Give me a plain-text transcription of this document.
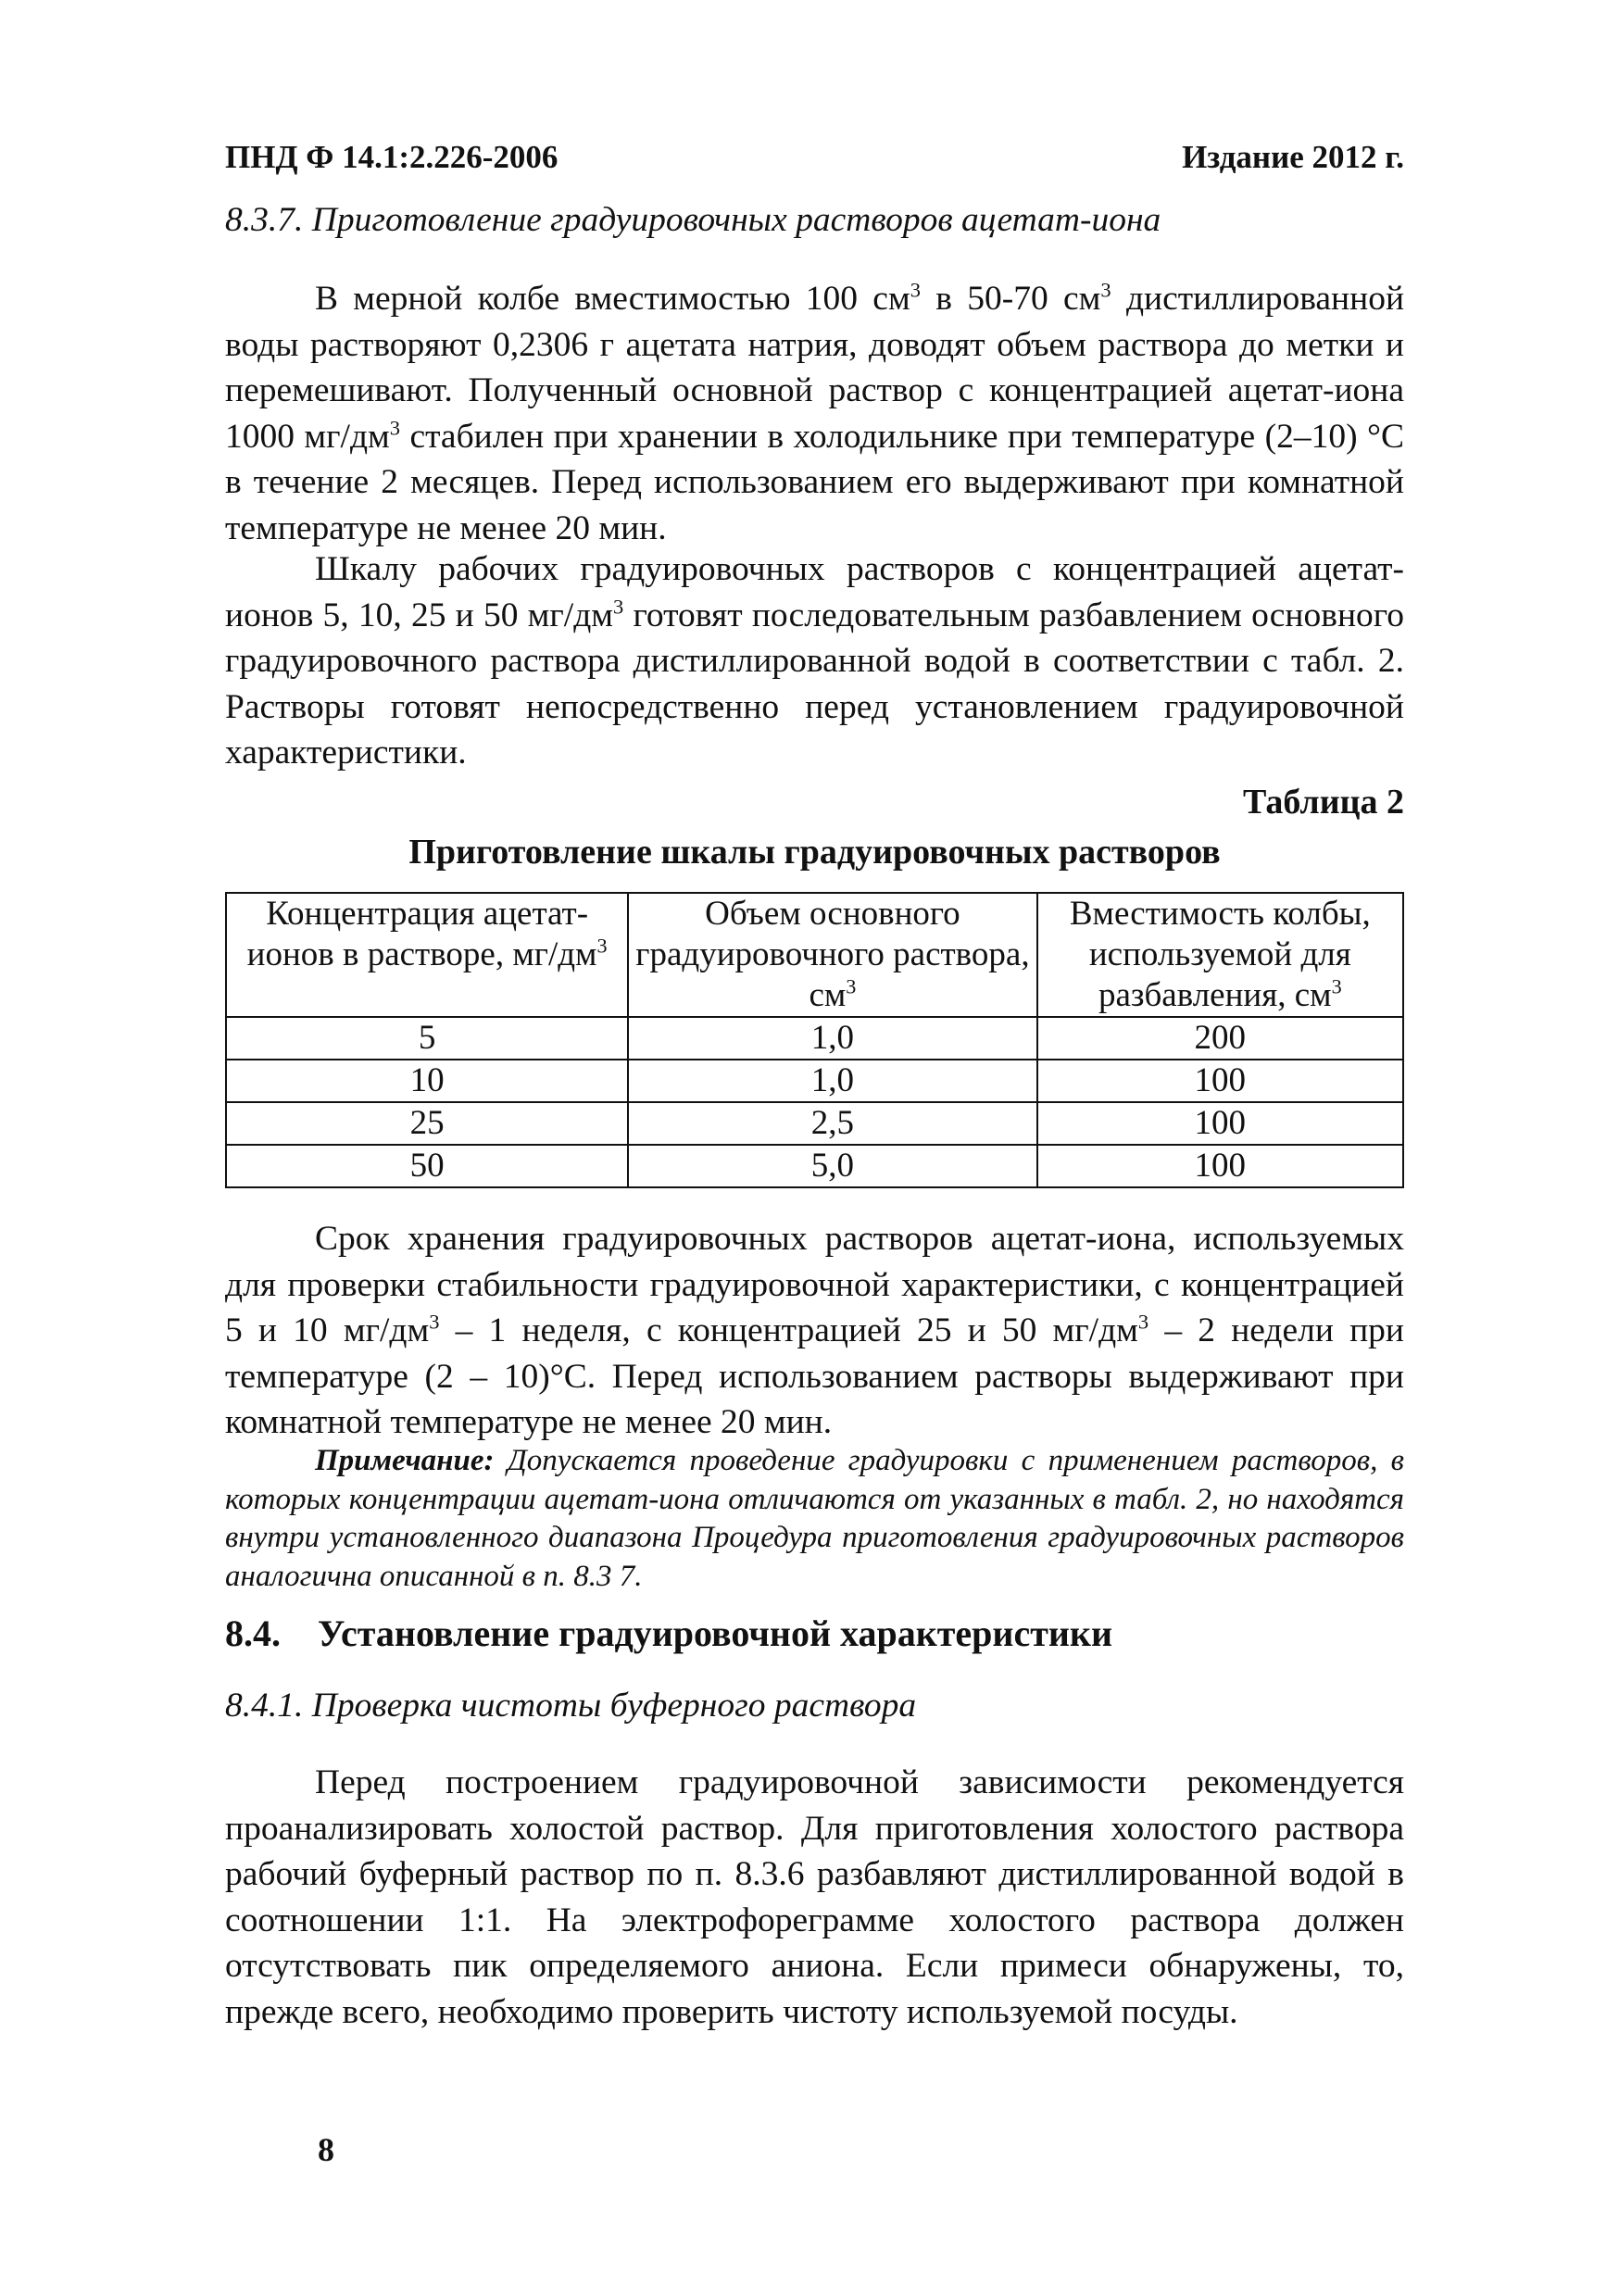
ПНД Ф 14.1:2.226-2006	Издание 2012 г.
8.3.7. Приготовление градуировочных растворов ацетат-иона
В мерной колбе вместимостью 100 $см^3$ в 50-70 $см^3$ дистиллированной воды растворяют 0,2306 г ацетата натрия, доводят объем раствора до метки и перемешивают. Полученный основной раствор с концентрацией ацетат-иона 1000 $мг/дм^3$ стабилен при хранении в холодильнике при температуре (2–10) °С в течение 2 месяцев. Перед использованием его выдерживают при комнатной температуре не менее 20 мин.
Шкалу рабочих градуировочных растворов с концентрацией ацетат-ионов 5, 10, 25 и 50 $мг/дм^3$ готовят последовательным разбавлением основного градуировочного раствора дистиллированной водой в соответствии с табл. 2. Растворы готовят непосредственно перед установлением градуировочной характеристики.
Таблица 2
Приготовление шкалы градуировочных растворов
Концентрация ацетат-ионов в растворе, $мг/дм^3$	Объем основного градуировочного раствора, $см^3$	Вместимость колбы, используемой для разбавления, $см^3$
5	1,0	200
10	1,0	100
25	2,5	100
50	5,0	100
Срок хранения градуировочных растворов ацетат-иона, используемых для проверки стабильности градуировочной характеристики, с концентрацией 5 и 10 $мг/дм^3 - 1$ неделя, с концентрацией 25 и 50 $мг/дм^3 - 2$ недели при температуре (2 – 10)°С. Перед использованием растворы выдерживают при комнатной температуре не менее 20 мин.
Примечание: Допускается проведение градуировки с применением растворов, в которых концентрации ацетат-иона отличаются от указанных в табл. 2, но находятся внутри установленного диапазона Процедура приготовления градуировочных растворов аналогична описанной в п. 8.3 7.
8.4. Установление градуировочной характеристики
8.4.1. Проверка чистоты буферного раствора
Перед построением градуировочной зависимости рекомендуется проанализировать холостой раствор. Для приготовления холостого раствора рабочий буферный раствор по п. 8.3.6 разбавляют дистиллированной водой в соотношении 1:1. На электрофореграмме холостого раствора должен отсутствовать пик определяемого аниона. Если примеси обнаружены, то, прежде всего, необходимо проверить чистоту используемой посуды.
8
